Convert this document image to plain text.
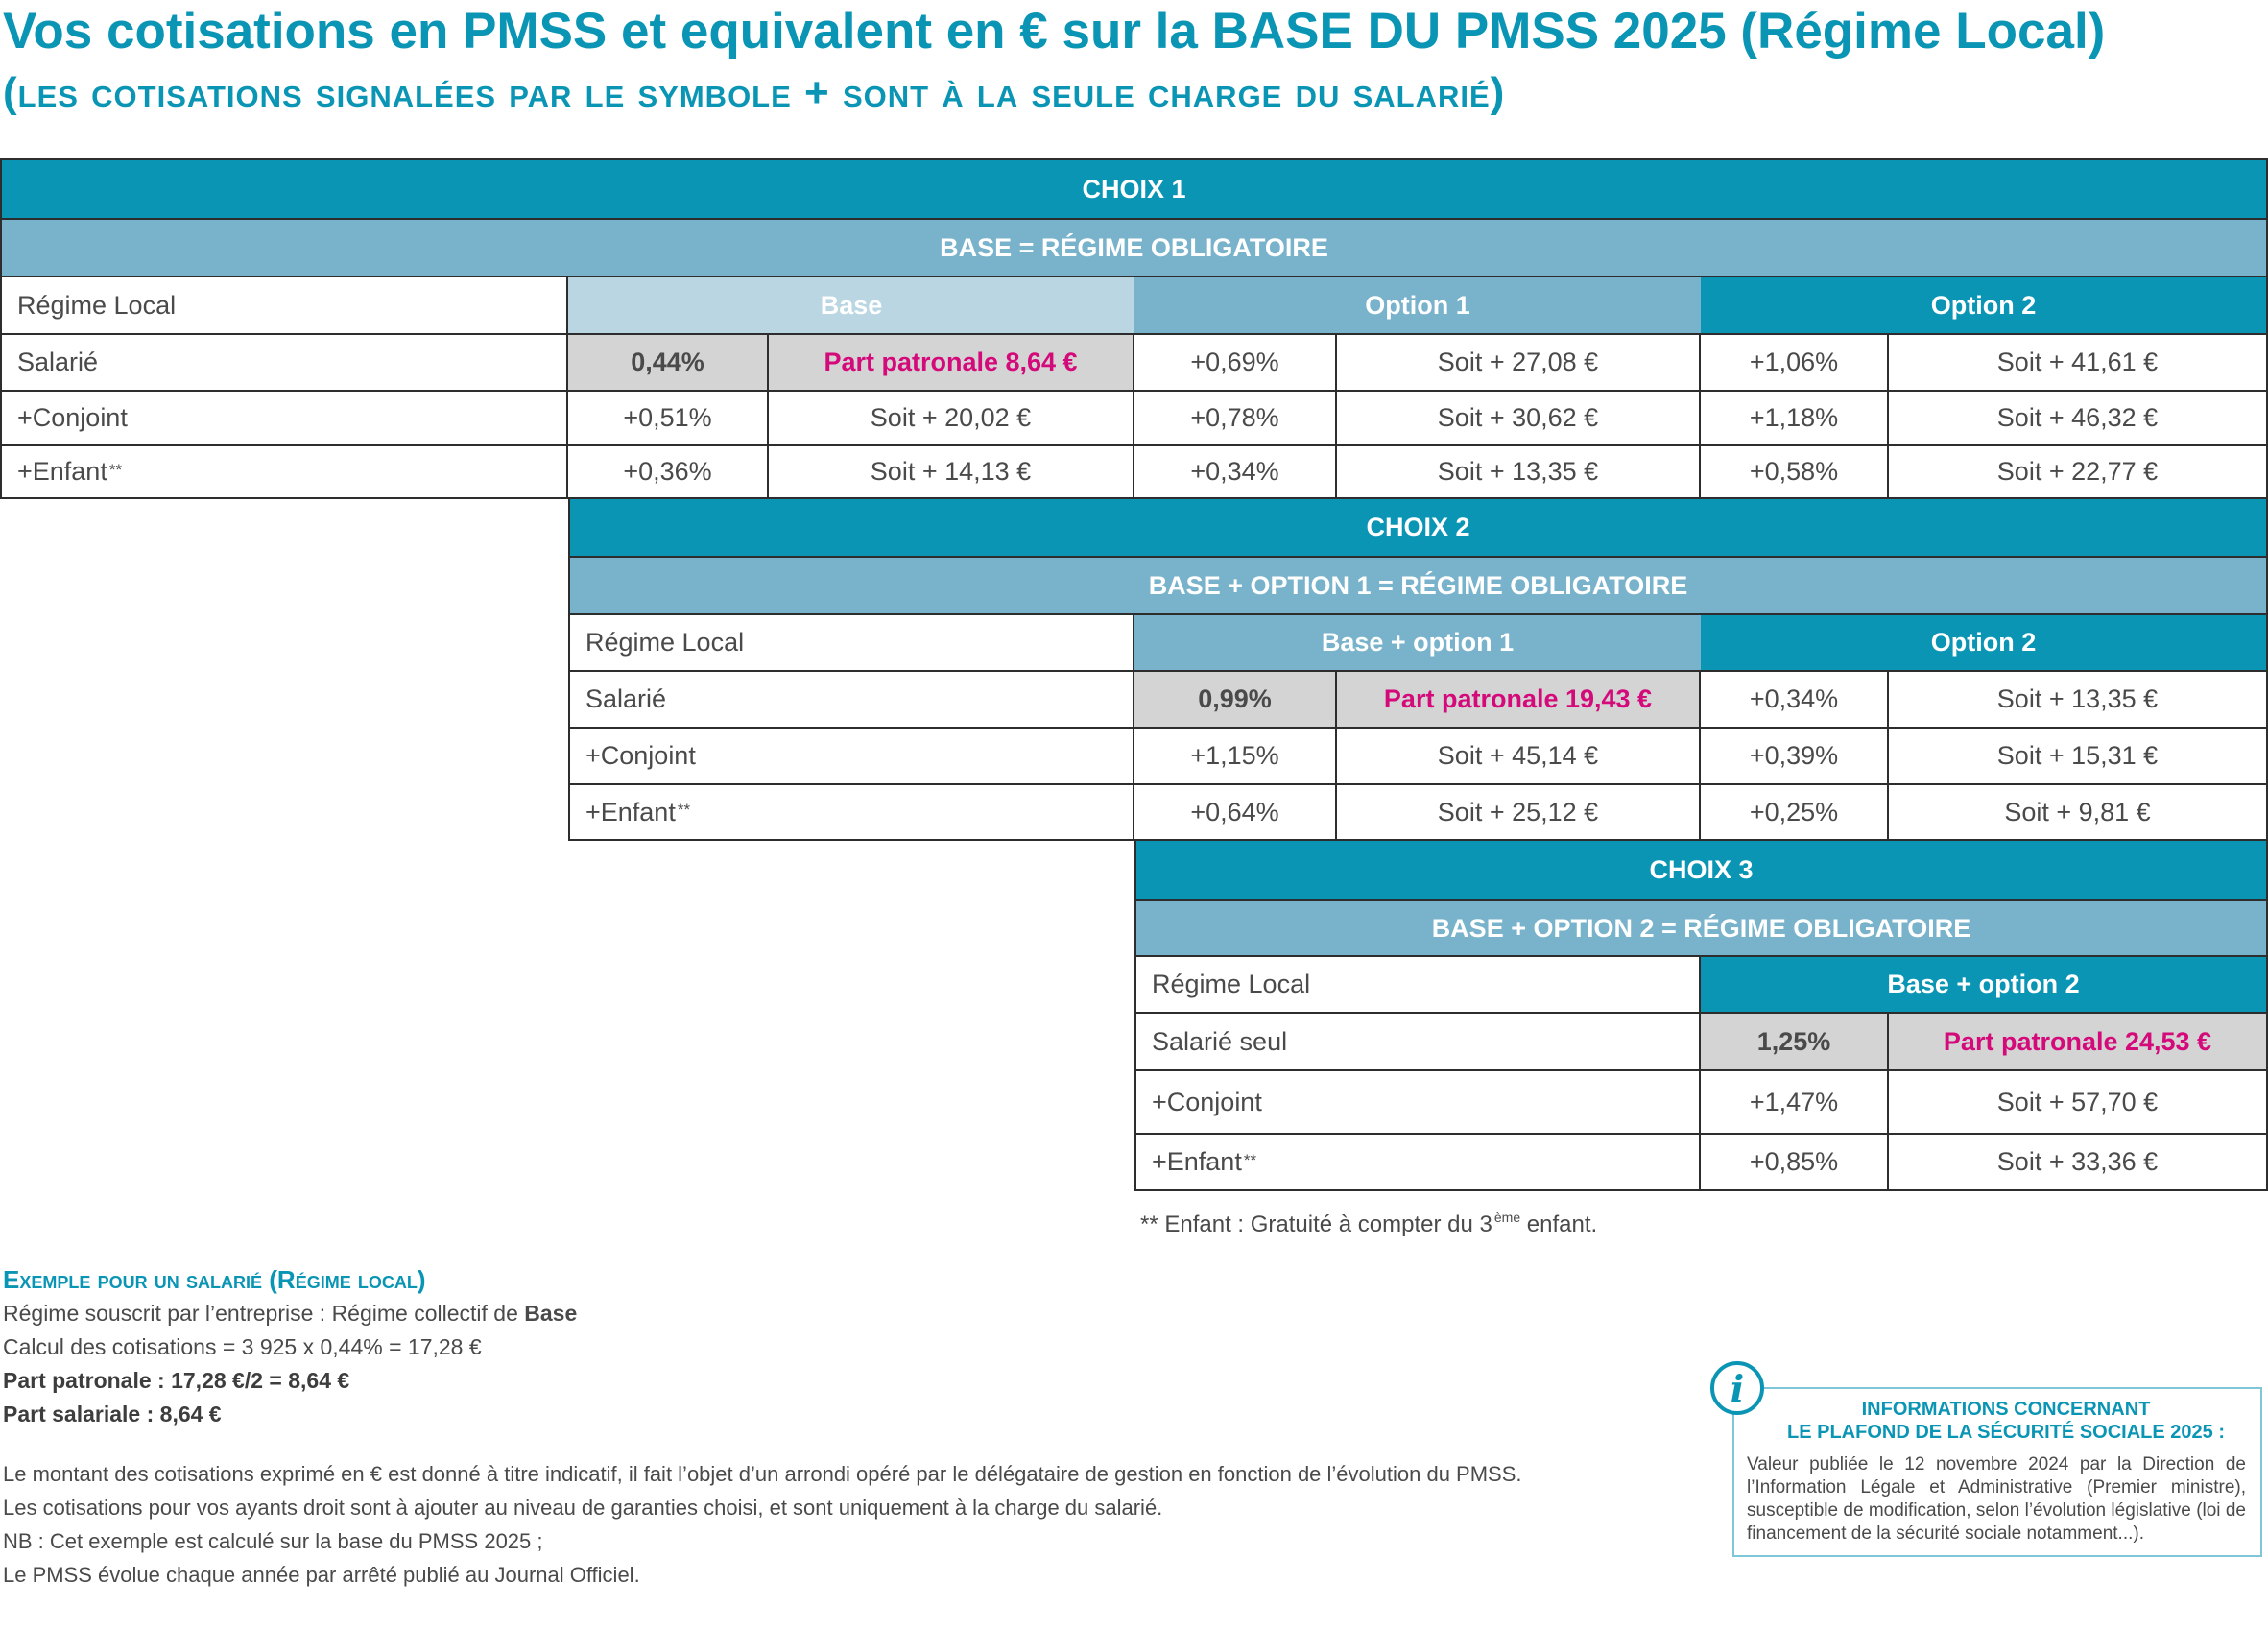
Vos cotisations en PMSS et equivalent en € sur la BASE DU PMSS 2025 (Régime Local)
(les cotisations signalées par le symbole + sont à la seule charge du salarié)
CHOIX 1
BASE = RÉGIME OBLIGATOIRE
Régime Local	Base	Option 1	Option 2
Salarié	0,44%	Part patronale 8,64 €	+0,69%	Soit + 27,08 €	+1,06%	Soit + 41,61 €
+Conjoint	+0,51%	Soit + 20,02 €	+0,78%	Soit + 30,62 €	+1,18%	Soit + 46,32 €
+Enfant**	+0,36%	Soit + 14,13 €	+0,34%	Soit + 13,35 €	+0,58%	Soit + 22,77 €
CHOIX 2
BASE + OPTION 1 = RÉGIME OBLIGATOIRE
Régime Local	Base + option 1	Option 2
Salarié	0,99%	Part patronale 19,43 €	+0,34%	Soit + 13,35 €
+Conjoint	+1,15%	Soit + 45,14 €	+0,39%	Soit + 15,31 €
+Enfant**	+0,64%	Soit + 25,12 €	+0,25%	Soit + 9,81 €
CHOIX 3
BASE + OPTION 2 = RÉGIME OBLIGATOIRE
Régime Local	Base + option 2
Salarié seul	1,25%	Part patronale 24,53 €
+Conjoint	+1,47%	Soit + 57,70 €
+Enfant**	+0,85%	Soit + 33,36 €
** Enfant : Gratuité à compter du 3 $^{ème}$ enfant.
Exemple pour un salarié (Régime local)
Régime souscrit par l’entreprise : Régime collectif de Base
Calcul des cotisations = 3 925 x 0,44% = 17,28 €
Part patronale : 17,28 €/2 = 8,64 €
Part salariale : 8,64 €
Le montant des cotisations exprimé en € est donné à titre indicatif, il fait l’objet d’un arrondi opéré par le délégataire de gestion en fonction de l’évolution du PMSS.
Les cotisations pour vos ayants droit sont à ajouter au niveau de garanties choisi, et sont uniquement à la charge du salarié.
NB : Cet exemple est calculé sur la base du PMSS 2025 ;
Le PMSS évolue chaque année par arrêté publié au Journal Officiel.
i	INFORMATIONS CONCERNANT
LE PLAFOND DE LA SÉCURITÉ SOCIALE 2025 :
Valeur publiée le 12 novembre 2024 par la Direction de l’Information Légale et Administrative (Premier ministre), susceptible de modification, selon l’évolution législative (loi de financement de la sécurité sociale notamment...).
